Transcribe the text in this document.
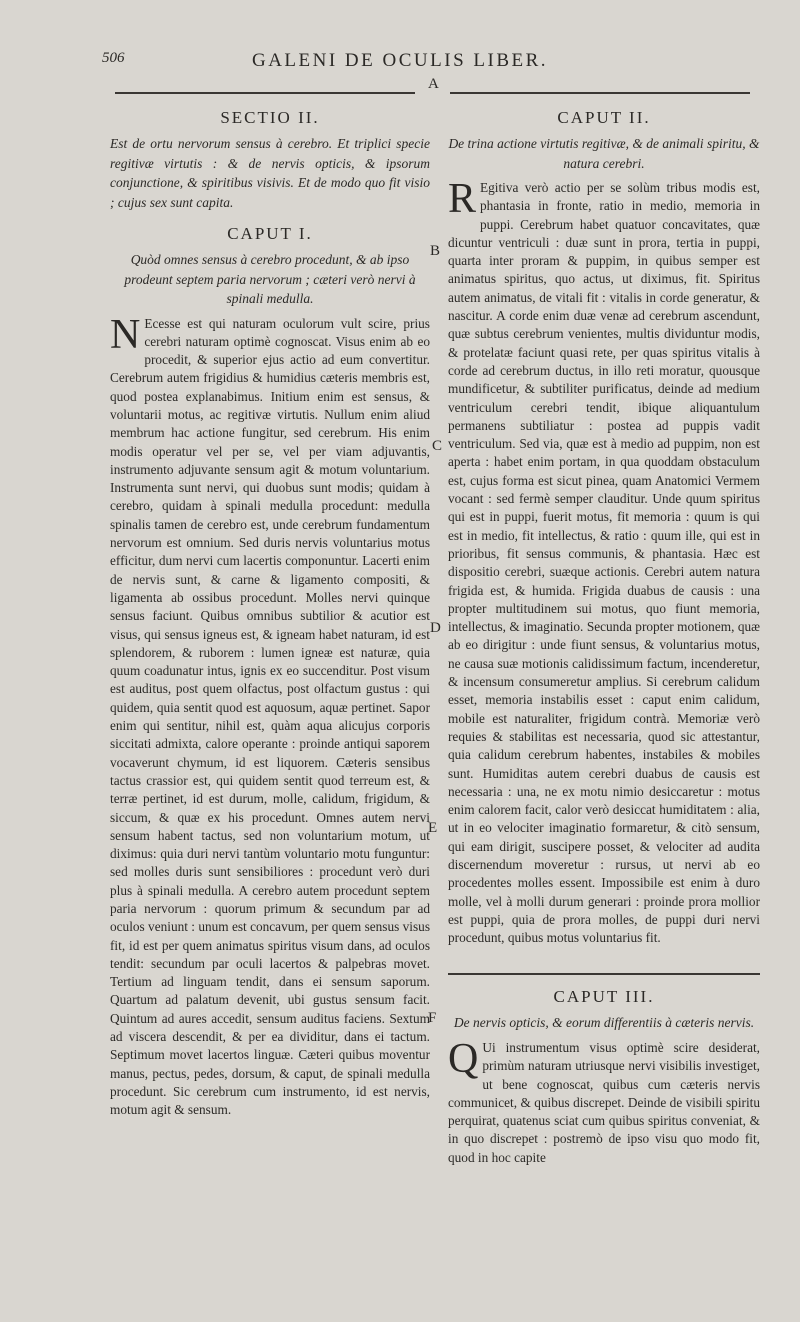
506	GALENI DE OCULIS LIBER.
A
B
C
D
E
F
SECTIO II.

Est de ortu nervorum sensus à cerebro. Et triplici specie regitivæ virtutis : & de nervis opticis, & ipsorum conjunctione, & spiritibus visivis. Et de modo quo fit visio ; cujus sex sunt capita.

CAPUT I.

Quòd omnes sensus à cerebro procedunt, & ab ipso prodeunt septem paria nervorum ; cæteri verò nervi à spinali medulla.

N Ecesse est qui naturam oculorum vult scire, prius cerebri naturam optimè cognoscat. Visus enim ab eo procedit, & superior ejus actio ad eum convertitur. Cerebrum autem frigidius & humidius cæteris membris est, quod postea explanabimus. Initium enim est sensus, & voluntarii motus, ac regitivæ virtutis. Nullum enim aliud membrum hac actione fungitur, sed cerebrum. His enim modis operatur vel per se, vel per viam adjuvantis, instrumento adjuvante sensum agit & motum voluntarium. Instrumenta sunt nervi, qui duobus sunt modis; quidam à cerebro, quidam à spinali medulla procedunt: medulla spinalis tamen de cerebro est, unde cerebrum fundamentum nervorum est omnium. Sed duris nervis voluntarius motus efficitur, dum nervi cum lacertis componuntur. Lacerti enim de nervis sunt, & carne & ligamento compositi, & ligamenta ab ossibus procedunt. Molles nervi quinque sensus faciunt. Quibus omnibus subtilior & acutior est visus, qui sensus igneus est, & igneam habet naturam, id est splendorem, & ruborem : lumen igneæ est naturæ, quia quum coadunatur intus, ignis ex eo succenditur. Post visum est auditus, post quem olfactus, post olfactum gustus : qui quidem, quia sentit quod est aquosum, aquæ pertinet. Sapor enim qui sentitur, nihil est, quàm aqua alicujus corporis siccitati admixta, calore operante : proinde antiqui saporem vocaverunt chymum, id est liquorem. Cæteris sensibus tactus crassior est, qui quidem sentit quod terreum est, & terræ pertinet, id est durum, molle, calidum, frigidum, & siccum, & quæ ex his procedunt. Omnes autem nervi sensum habent tactus, sed non voluntarium motum, ut diximus: quia duri nervi tantùm voluntario motu funguntur: sed molles duris sunt sensibiliores : procedunt verò duri plus à spinali medulla. A cerebro autem procedunt septem paria nervorum : quorum primum & secundum par ad oculos veniunt : unum est concavum, per quem sensus visus fit, id est per quem animatus spiritus visum dans, ad oculos tendit: secundum par oculi lacertos & palpebras movet. Tertium ad linguam tendit, dans ei sensum saporum. Quartum ad palatum devenit, ubi gustus sensum facit. Quintum ad aures accedit, sensum auditus faciens. Sextum ad viscera descendit, & per ea dividitur, dans ei tactum. Septimum movet lacertos linguæ. Cæteri quibus moventur manus, pectus, pedes, dorsum, & caput, de spinali medulla procedunt. Sic cerebrum cum instrumento, id est nervis, motum agit & sensum.

CAPUT II.

De trina actione virtutis regitivæ, & de animali spiritu, & natura cerebri.

R Egitiva verò actio per se solùm tribus modis est, phantasia in fronte, ratio in medio, memoria in puppi. Cerebrum habet quatuor concavitates, quæ dicuntur ventriculi : duæ sunt in prora, tertia in puppi, quarta inter proram & puppim, in quibus semper est animatus spiritus, quo actus, ut diximus, fit. Spiritus autem animatus, de vitali fit : vitalis in corde generatur, & nascitur. A corde enim duæ venæ ad cerebrum ascendunt, quæ subtus cerebrum venientes, multis dividuntur modis, & protelatæ faciunt quasi rete, per quas spiritus vitalis à corde ad cerebrum ductus, in illo reti moratur, quousque mundificetur, & subtiliter purificatus, deinde ad medium ventriculum cerebri tendit, ibique aliquantulum permanens subtiliatur : postea ad puppis vadit ventriculum. Sed via, quæ est à medio ad puppim, non est aperta : habet enim portam, in qua quoddam obstaculum est, cujus forma est sicut pinea, quam Anatomici Vermem vocant : sed fermè semper clauditur. Unde quum spiritus qui est in puppi, fuerit motus, fit memoria : quum is qui est in medio, fit intellectus, & ratio : quum ille, qui est in prioribus, fit sensus communis, & phantasia. Hæc est dispositio cerebri, suæque actionis. Cerebri autem natura frigida est, & humida. Frigida duabus de causis : una propter multitudinem sui motus, quo fiunt memoria, intellectus, & imaginatio. Secunda propter motionem, quæ ab eo dirigitur : unde fiunt sensus, & voluntarius motus, ne causa suæ motionis calidissimum factum, incenderetur, & incensum consumeretur amplius. Si cerebrum calidum esset, memoria instabilis esset : caput enim calidum, mobile est naturaliter, frigidum contrà. Memoriæ verò requies & stabilitas est necessaria, quod sic attestantur, quia calidum cerebrum habentes, instabiles & mobiles sunt. Humiditas autem cerebri duabus de causis est necessaria : una, ne ex motu nimio desiccaretur : motus enim calorem facit, calor verò desiccat humiditatem : alia, ut in eo velociter imaginatio formaretur, & citò sensum, qui eam dirigit, suscipere posset, & velociter ad audita discernendum moveretur : rursus, ut nervi ab eo procedentes molles essent. Impossibile est enim à duro molle, vel à molli durum generari : proinde prora mollior est puppi, quia de prora molles, de puppi duri nervi procedunt, quibus motus voluntarius fit.

CAPUT III.

De nervis opticis, & eorum differentiis à cæteris nervis.

Q Ui instrumentum visus optimè scire desiderat, primùm naturam utriusque nervi visibilis investiget, ut bene cognoscat, quibus cum cæteris nervis communicet, & quibus discrepet. Deinde de visibili spiritu perquirat, quatenus sciat cum quibus spiritus conveniat, & in quo discrepet : postremò de ipso visu quo modo fit, quod in hoc capite
